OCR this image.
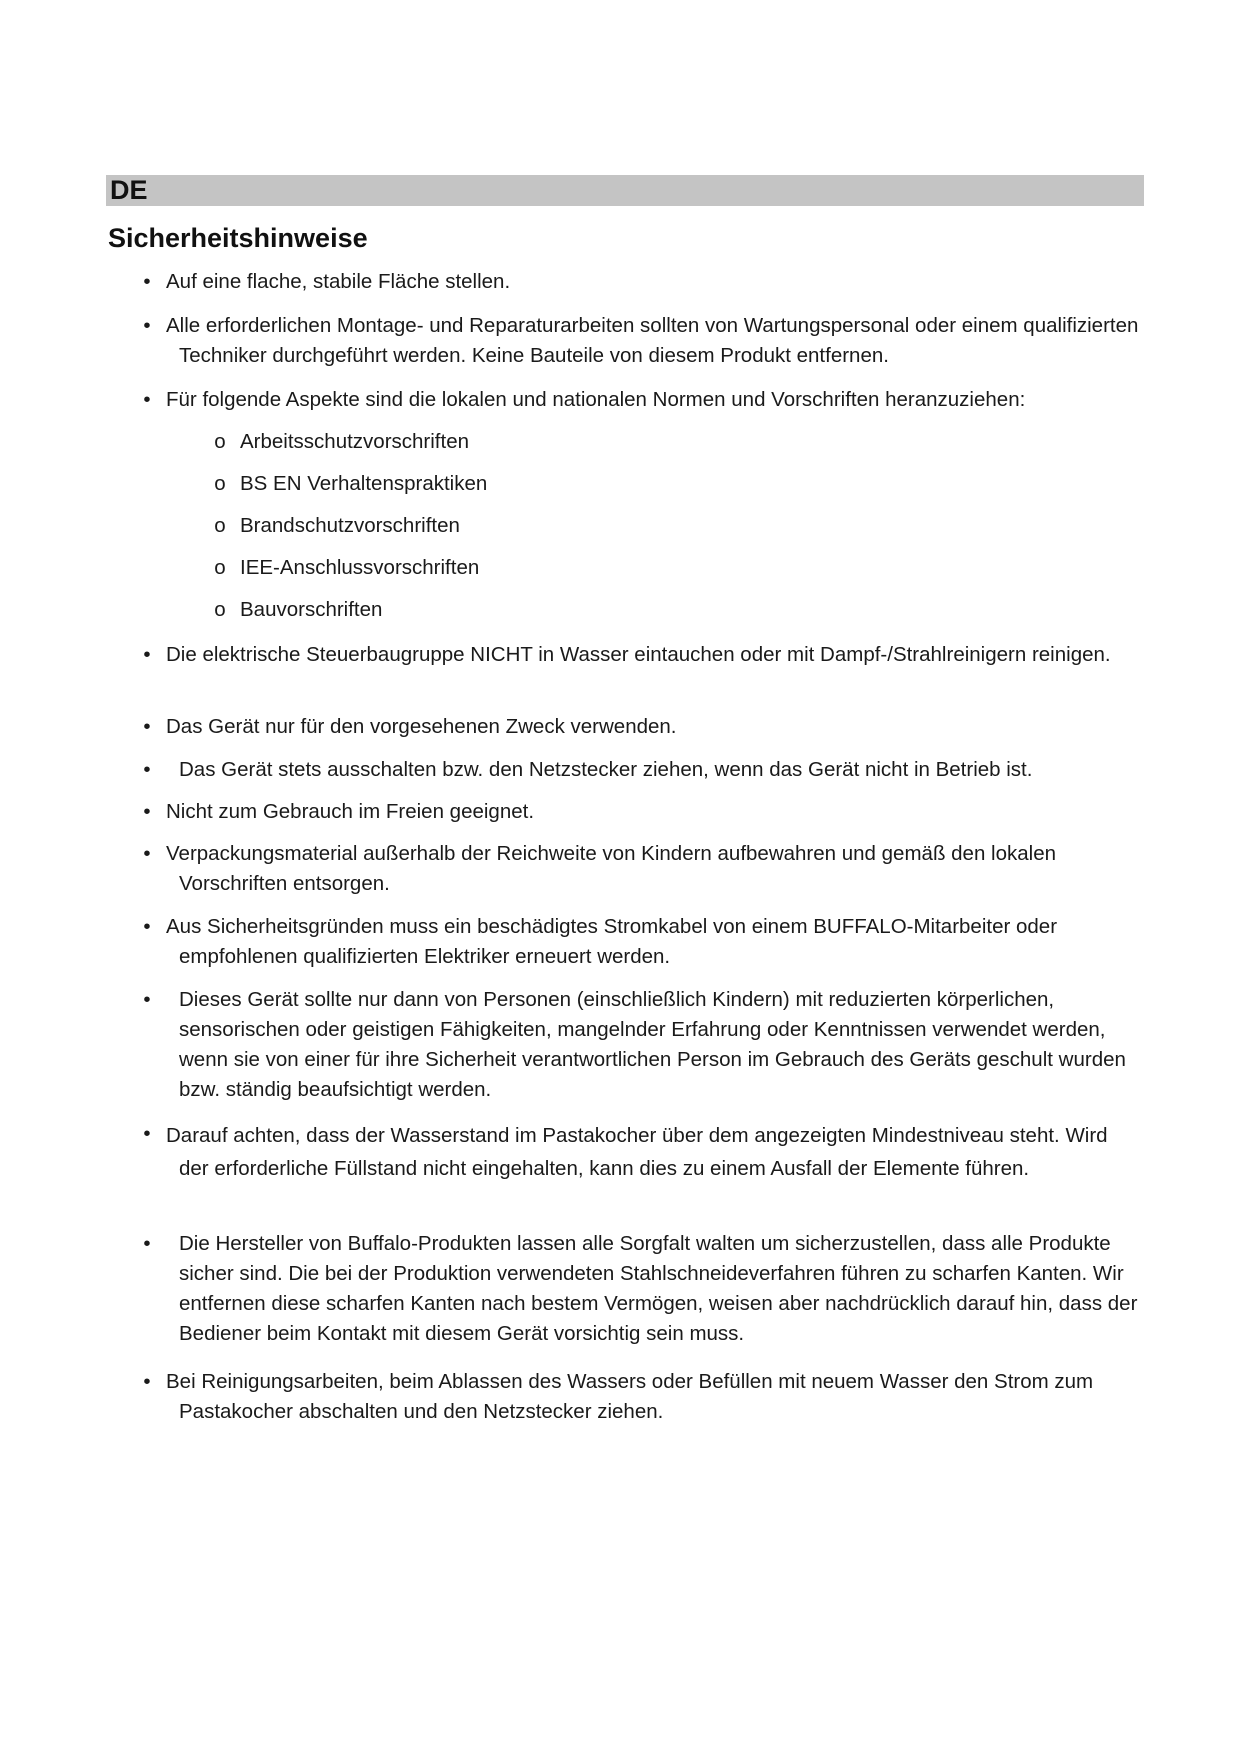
DE
Sicherheitshinweise
• Auf eine flache, stabile Fläche stellen.
• Alle erforderlichen Montage- und Reparaturarbeiten sollten von Wartungspersonal oder einem qualifizierten Techniker durchgeführt werden. Keine Bauteile von diesem Produkt entfernen.
• Für folgende Aspekte sind die lokalen und nationalen Normen und Vorschriften heranzuziehen:
o Arbeitsschutzvorschriften
o BS EN Verhaltenspraktiken
o Brandschutzvorschriften
o IEE-Anschlussvorschriften
o Bauvorschriften
• Die elektrische Steuerbaugruppe NICHT in Wasser eintauchen oder mit Dampf-/Strahlreinigern reinigen.
• Das Gerät nur für den vorgesehenen Zweck verwenden.
•	Das Gerät stets ausschalten bzw. den Netzstecker ziehen, wenn das Gerät nicht in Betrieb ist.
• Nicht zum Gebrauch im Freien geeignet.
• Verpackungsmaterial außerhalb der Reichweite von Kindern aufbewahren und gemäß den lokalen Vorschriften entsorgen.
• Aus Sicherheitsgründen muss ein beschädigtes Stromkabel von einem BUFFALO-Mitarbeiter oder empfohlenen qualifizierten Elektriker erneuert werden.
•	Dieses Gerät sollte nur dann von Personen (einschließlich Kindern) mit reduzierten körperlichen, sensorischen oder geistigen Fähigkeiten, mangelnder Erfahrung oder Kenntnissen verwendet werden, wenn sie von einer für ihre Sicherheit verantwortlichen Person im Gebrauch des Geräts geschult wurden bzw. ständig beaufsichtigt werden.
• Darauf achten, dass der Wasserstand im Pastakocher über dem angezeigten Mindestniveau steht. Wird der erforderliche Füllstand nicht eingehalten, kann dies zu einem Ausfall der Elemente führen.
•	Die Hersteller von Buffalo-Produkten lassen alle Sorgfalt walten um sicherzustellen, dass alle Produkte sicher sind. Die bei der Produktion verwendeten Stahlschneideverfahren führen zu scharfen Kanten. Wir entfernen diese scharfen Kanten nach bestem Vermögen, weisen aber nachdrücklich darauf hin, dass der Bediener beim Kontakt mit diesem Gerät vorsichtig sein muss.
• Bei Reinigungsarbeiten, beim Ablassen des Wassers oder Befüllen mit neuem Wasser den Strom zum Pastakocher abschalten und den Netzstecker ziehen.
